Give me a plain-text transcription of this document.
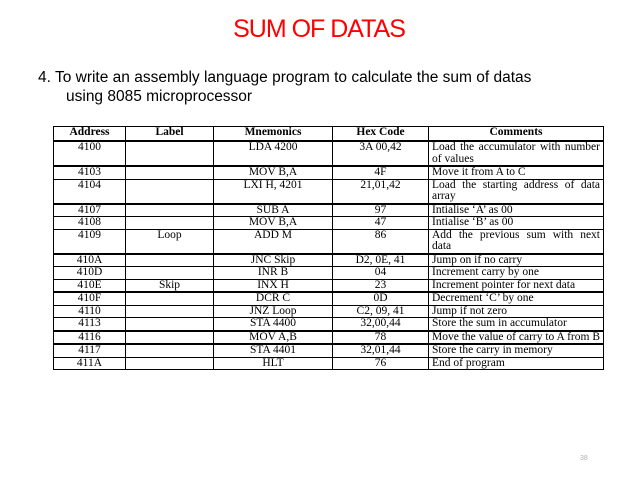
SUM OF DATAS
4. To write an assembly language program to calculate the sum of datas
using 8085 microprocessor
Address	Label	Mnemonics	Hex Code	Comments
4100		LDA 4200	3A 00,42	Load the accumulator with number of values
4103		MOV B,A	4F	Move it from A to C
4104		LXI H, 4201	21,01,42	Load the starting address of data array
4107		SUB A	97	Intialise ‘A’ as 00
4108		MOV B,A	47	Intialise ‘B’ as 00
4109	Loop	ADD M	86	Add the previous sum with next data
410A		JNC Skip	D2, 0E, 41	Jump on if no carry
410D		INR B	04	Increment carry by one
410E	Skip	INX H	23	Increment pointer for next data
410F		DCR C	0D	Decrement ‘C’ by one
4110		JNZ Loop	C2, 09, 41	Jump if not zero
4113		STA 4400	32,00,44	Store the sum in accumulator
4116		MOV A,B	78	Move the value of carry to A from B
4117		STA 4401	32,01,44	Store the carry in memory
411A		HLT	76	End of program
38
